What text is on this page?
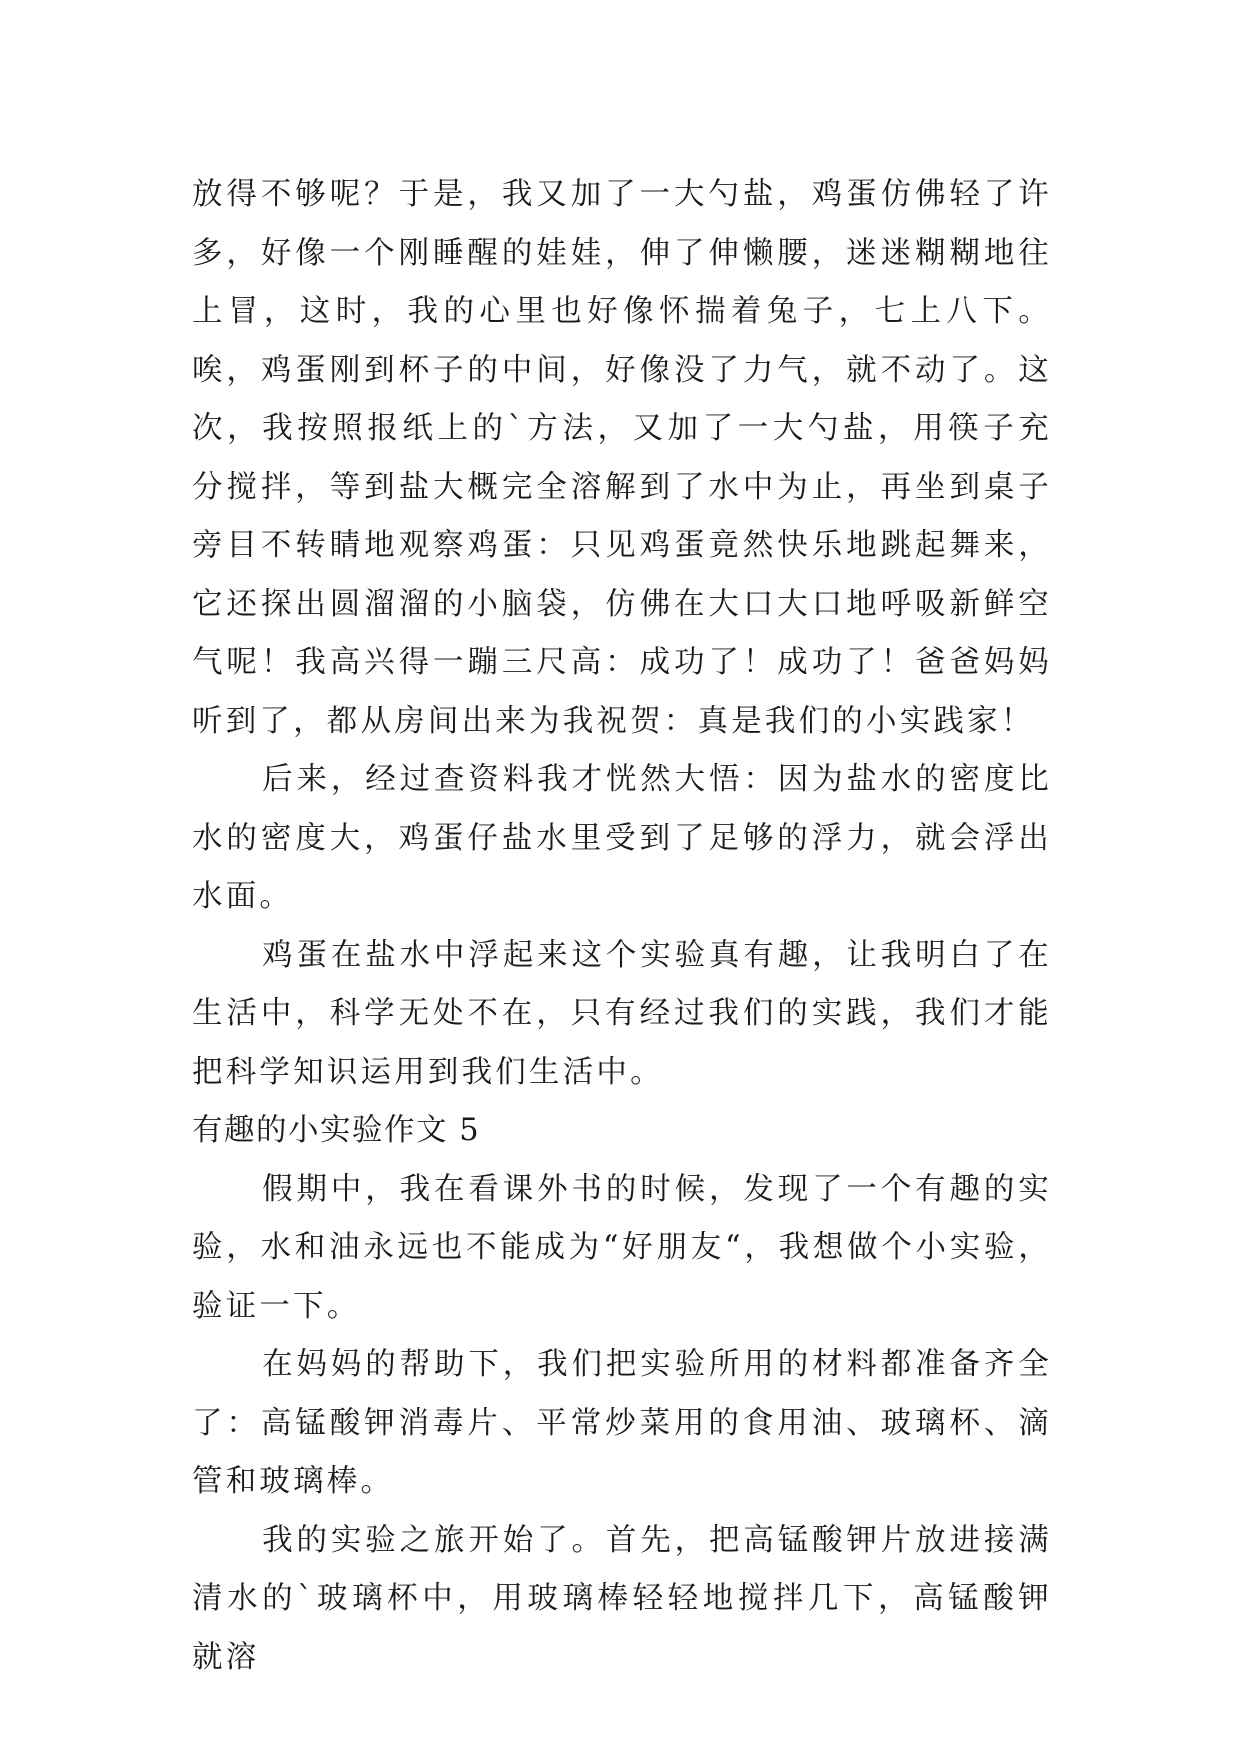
放得不够呢？于是，我又加了一大勺盐，鸡蛋仿佛轻了许多，好像一个刚睡醒的娃娃，伸了伸懒腰，迷迷糊糊地往上冒，这时，我的心里也好像怀揣着兔子，七上八下。唉，鸡蛋刚到杯子的中间，好像没了力气，就不动了。这次，我按照报纸上的`方法，又加了一大勺盐，用筷子充分搅拌，等到盐大概完全溶解到了水中为止，再坐到桌子旁目不转睛地观察鸡蛋：只见鸡蛋竟然快乐地跳起舞来，它还探出圆溜溜的小脑袋，仿佛在大口大口地呼吸新鲜空气呢！我高兴得一蹦三尺高：成功了！成功了！爸爸妈妈听到了，都从房间出来为我祝贺：真是我们的小实践家！

后来，经过查资料我才恍然大悟：因为盐水的密度比水的密度大，鸡蛋仔盐水里受到了足够的浮力，就会浮出水面。

鸡蛋在盐水中浮起来这个实验真有趣，让我明白了在生活中，科学无处不在，只有经过我们的实践，我们才能把科学知识运用到我们生活中。

有趣的小实验作文 5

假期中，我在看课外书的时候，发现了一个有趣的实验，水和油永远也不能成为“好朋友“，我想做个小实验，验证一下。

在妈妈的帮助下，我们把实验所用的材料都准备齐全了：高锰酸钾消毒片、平常炒菜用的食用油、玻璃杯、滴管和玻璃棒。

我的实验之旅开始了。首先，把高锰酸钾片放进接满清水的`玻璃杯中，用玻璃棒轻轻地搅拌几下，高锰酸钾就溶
